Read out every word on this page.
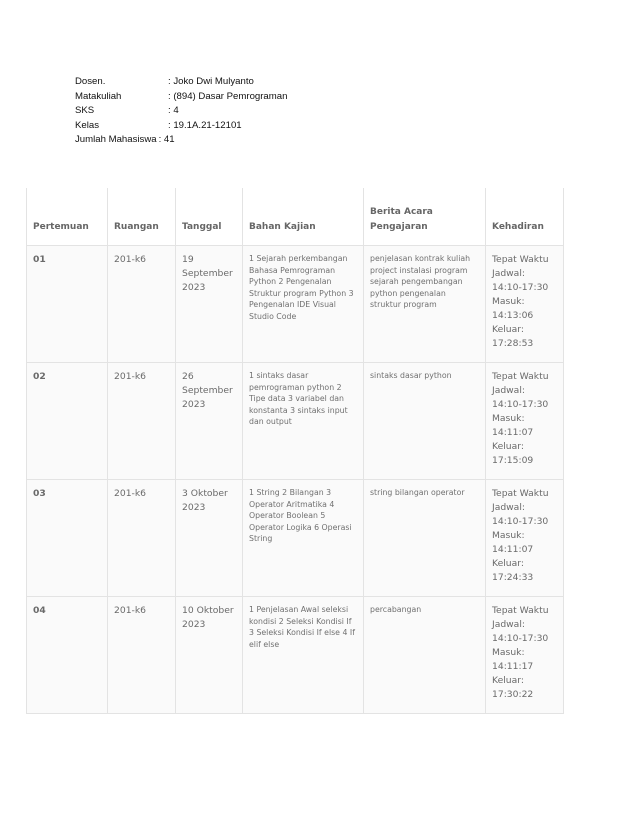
Dosen.	: Joko Dwi Mulyanto
Matakuliah	: (894) Dasar Pemrograman
SKS	: 4
Kelas	: 19.1A.21-12101
Jumlah Mahasiswa : 41
Pertemuan	Ruangan	Tanggal	Bahan Kajian	Berita Acara Pengajaran	Kehadiran
01	201-k6	19 September 2023	1 Sejarah perkembangan Bahasa Pemrograman Python 2 Pengenalan Struktur program Python 3 Pengenalan IDE Visual Studio Code	penjelasan kontrak kuliah project instalasi program sejarah pengembangan python pengenalan struktur program	Tepat Waktu
Jadwal: 14:10-17:30
Masuk: 14:13:06
Keluar: 17:28:53

02	201-k6	26 September 2023	1 sintaks dasar pemrograman python 2 Tipe data 3 variabel dan konstanta 3 sintaks input dan output	sintaks dasar python	Tepat Waktu
Jadwal: 14:10-17:30
Masuk: 14:11:07
Keluar: 17:15:09

03	201-k6	3 Oktober 2023	1 String 2 Bilangan 3 Operator Aritmatika 4 Operator Boolean 5 Operator Logika 6 Operasi String	string bilangan operator	Tepat Waktu
Jadwal: 14:10-17:30
Masuk: 14:11:07
Keluar: 17:24:33

04	201-k6	10 Oktober 2023	1 Penjelasan Awal seleksi kondisi 2 Seleksi Kondisi If 3 Seleksi Kondisi If else 4 If elif else	percabangan	Tepat Waktu
Jadwal: 14:10-17:30
Masuk: 14:11:17
Keluar: 17:30:22
